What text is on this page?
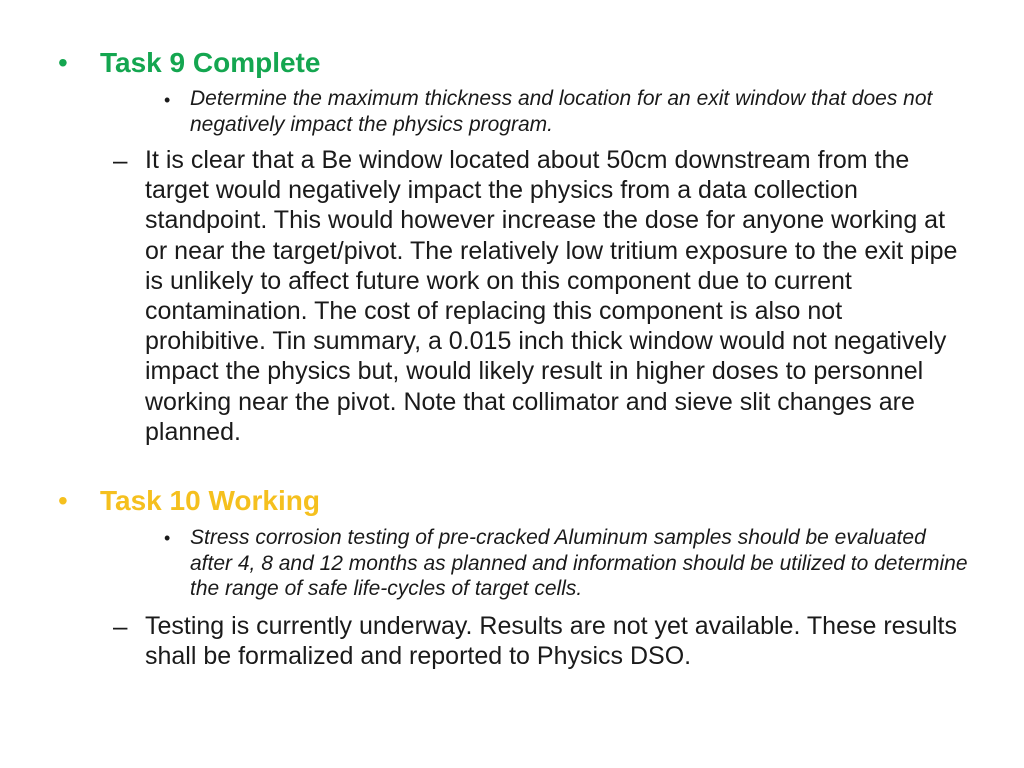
•	Task 9 Complete
• Determine the maximum thickness and location for an exit window that does not negatively impact the physics program.
– It is clear that a Be window located about 50cm downstream from the target would negatively impact the physics from a data collection standpoint. This would however increase the dose for anyone working at or near the target/pivot. The relatively low tritium exposure to the exit pipe is unlikely to affect future work on this component due to current contamination. The cost of replacing this component is also not prohibitive. Tin summary, a 0.015 inch thick window would not negatively impact the physics but, would likely result in higher doses to personnel working near the pivot. Note that collimator and sieve slit changes are planned.
•	Task 10 Working
• Stress corrosion testing of pre-cracked Aluminum samples should be evaluated after 4, 8 and 12 months as planned and information should be utilized to determine the range of safe life-cycles of target cells.
– Testing is currently underway. Results are not yet available. These results shall be formalized and reported to Physics DSO.
